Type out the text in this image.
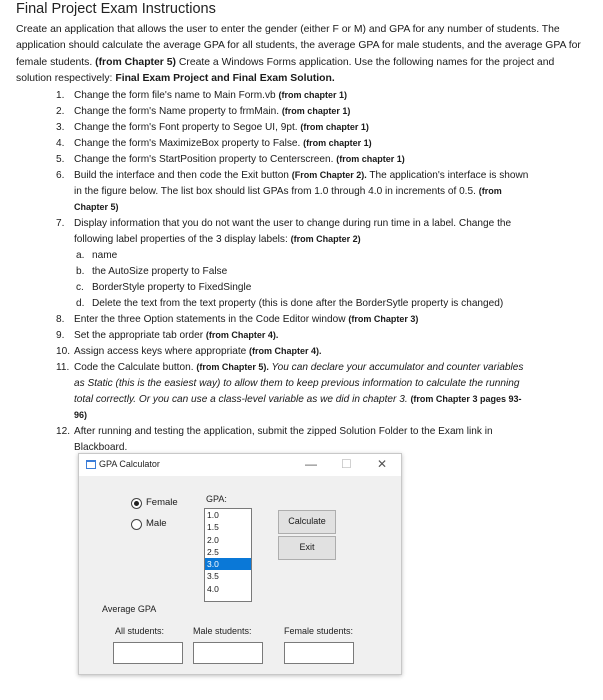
Final Project Exam Instructions
Create an application that allows the user to enter the gender (either F or M) and GPA for any number of students. The application should calculate the average GPA for all students, the average GPA for male students, and the average GPA for female students. (from Chapter 5) Create a Windows Forms application. Use the following names for the project and solution respectively: Final Exam Project and Final Exam Solution.
1. Change the form file's name to Main Form.vb (from chapter 1)
2. Change the form's Name property to frmMain. (from chapter 1)
3. Change the form's Font property to Segoe UI, 9pt. (from chapter 1)
4. Change the form's MaximizeBox property to False. (from chapter 1)
5. Change the form's StartPosition property to Centerscreen. (from chapter 1)
6. Build the interface and then code the Exit button (From Chapter 2). The application's interface is shown
in the figure below. The list box should list GPAs from 1.0 through 4.0 in increments of 0.5. (from
Chapter 5)
7. Display information that you do not want the user to change during run time in a label. Change the
following label properties of the 3 display labels: (from Chapter 2)
a. name
b. the AutoSize property to False
c. BorderStyle property to FixedSingle
d. Delete the text from the text property (this is done after the BorderSytle property is changed)
8. Enter the three Option statements in the Code Editor window (from Chapter 3)
9. Set the appropriate tab order (from Chapter 4).
10. Assign access keys where appropriate (from Chapter 4).
11. Code the Calculate button. (from Chapter 5). You can declare your accumulator and counter variables
as Static (this is the easiest way) to allow them to keep previous information to calculate the running
total correctly. Or you can use a class-level variable as we did in chapter 3. (from Chapter 3 pages 93-
96)
12. After running and testing the application, submit the zipped Solution Folder to the Exam link in
Blackboard.
GPA Calculator	— ☐ ✕
Female
Male
GPA:
1.0
1.5
2.0
2.5
3.0
3.5
4.0
Calculate
Exit
Average GPA
All students:	Male students:	Female students:
